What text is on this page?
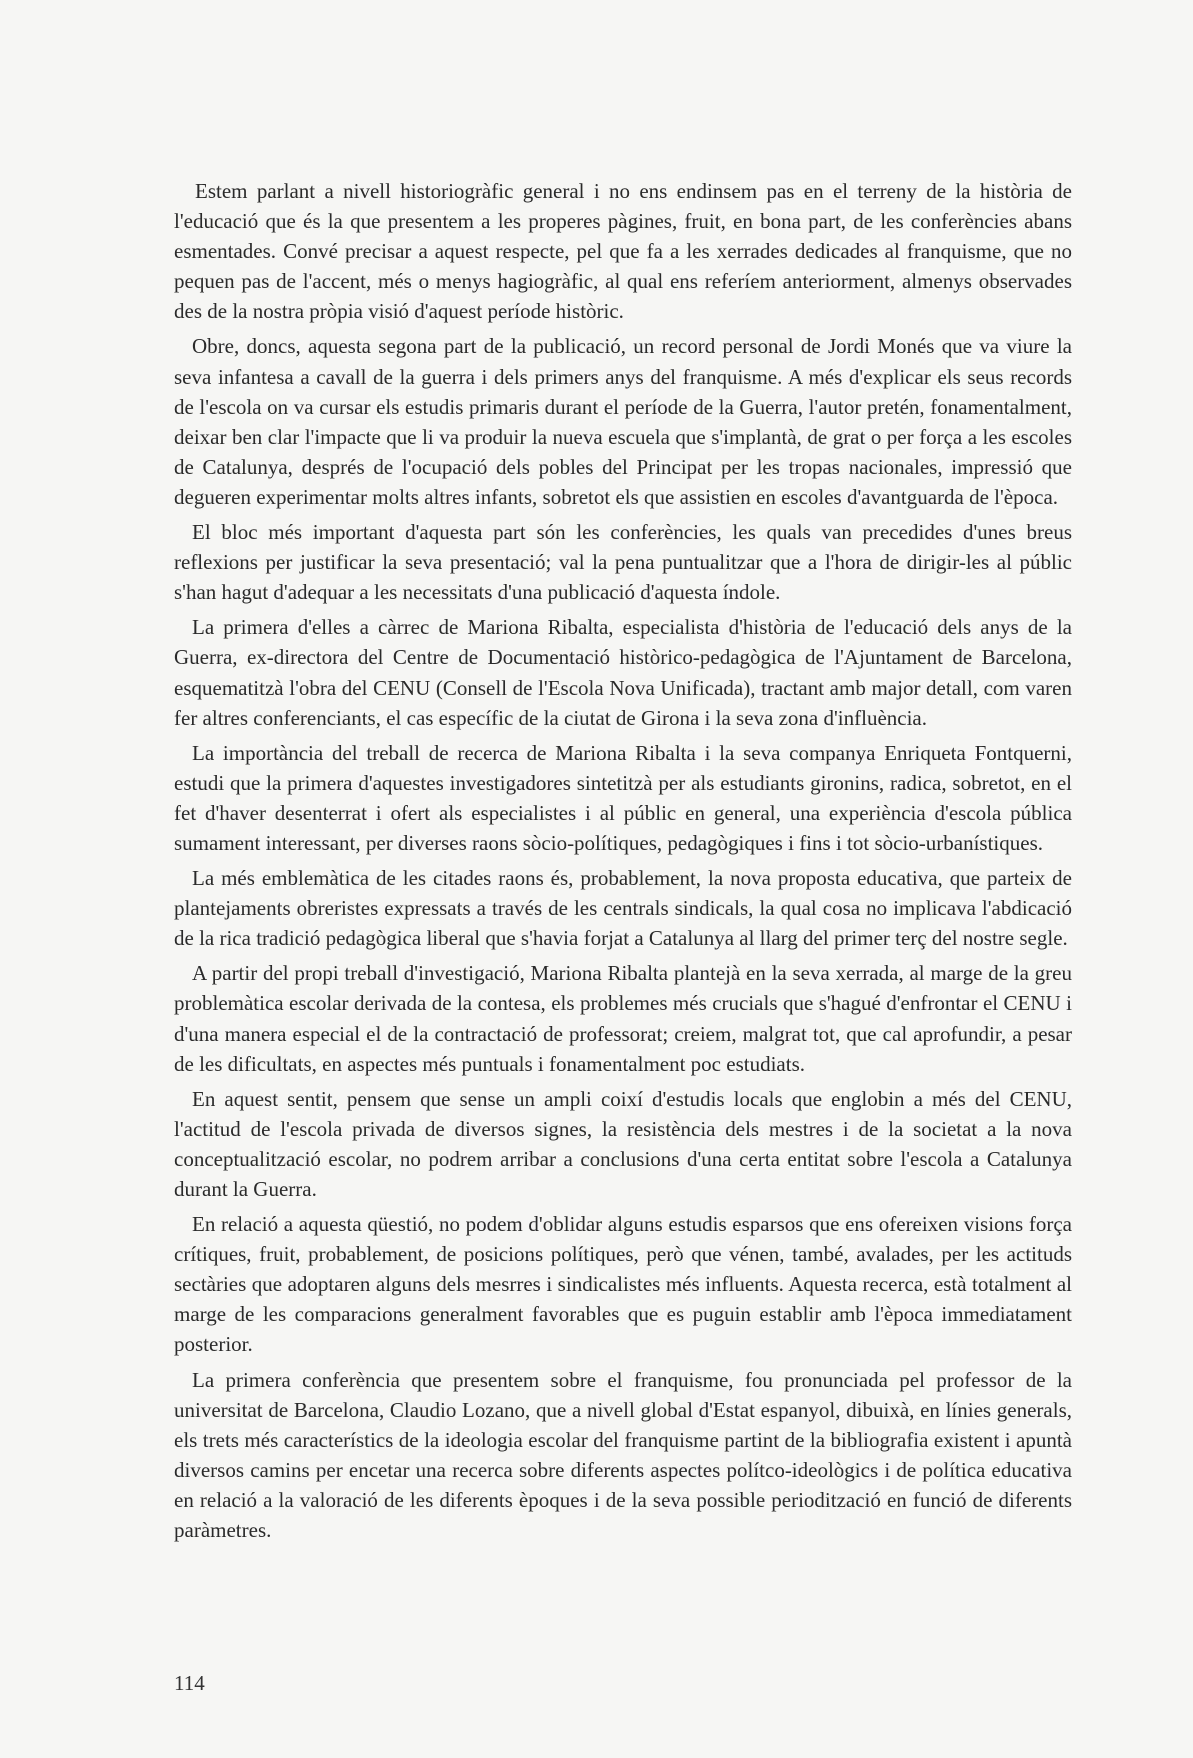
Estem parlant a nivell historiogràfic general i no ens endinsem pas en el terreny de la història de l'educació que és la que presentem a les properes pàgines, fruit, en bona part, de les conferències abans esmentades. Convé precisar a aquest respecte, pel que fa a les xerrades dedicades al franquisme, que no pequen pas de l'accent, més o menys hagiogràfic, al qual ens referíem anteriorment, almenys observades des de la nostra pròpia visió d'aquest període històric.

Obre, doncs, aquesta segona part de la publicació, un record personal de Jordi Monés que va viure la seva infantesa a cavall de la guerra i dels primers anys del franquisme. A més d'explicar els seus records de l'escola on va cursar els estudis primaris durant el període de la Guerra, l'autor pretén, fonamentalment, deixar ben clar l'impacte que li va produir la nueva escuela que s'implantà, de grat o per força a les escoles de Catalunya, després de l'ocupació dels pobles del Principat per les tropas nacionales, impressió que degueren experimentar molts altres infants, sobretot els que assistien en escoles d'avantguarda de l'època.

El bloc més important d'aquesta part són les conferències, les quals van precedides d'unes breus reflexions per justificar la seva presentació; val la pena puntualitzar que a l'hora de dirigir-les al públic s'han hagut d'adequar a les necessitats d'una publicació d'aquesta índole.

La primera d'elles a càrrec de Mariona Ribalta, especialista d'història de l'educació dels anys de la Guerra, ex-directora del Centre de Documentació històrico-pedagògica de l'Ajuntament de Barcelona, esquematitzà l'obra del CENU (Consell de l'Escola Nova Unificada), tractant amb major detall, com varen fer altres conferenciants, el cas específic de la ciutat de Girona i la seva zona d'influència.

La importància del treball de recerca de Mariona Ribalta i la seva companya Enriqueta Fontquerni, estudi que la primera d'aquestes investigadores sintetitzà per als estudiants gironins, radica, sobretot, en el fet d'haver desenterrat i ofert als especialistes i al públic en general, una experiència d'escola pública sumament interessant, per diverses raons sòcio-polítiques, pedagògiques i fins i tot sòcio-urbanístiques.

La més emblemàtica de les citades raons és, probablement, la nova proposta educativa, que parteix de plantejaments obreristes expressats a través de les centrals sindicals, la qual cosa no implicava l'abdicació de la rica tradició pedagògica liberal que s'havia forjat a Catalunya al llarg del primer terç del nostre segle.

A partir del propi treball d'investigació, Mariona Ribalta plantejà en la seva xerrada, al marge de la greu problemàtica escolar derivada de la contesa, els problemes més crucials que s'hagué d'enfrontar el CENU i d'una manera especial el de la contractació de professorat; creiem, malgrat tot, que cal aprofundir, a pesar de les dificultats, en aspectes més puntuals i fonamentalment poc estudiats.

En aquest sentit, pensem que sense un ampli coixí d'estudis locals que englobin a més del CENU, l'actitud de l'escola privada de diversos signes, la resistència dels mestres i de la societat a la nova conceptualització escolar, no podrem arribar a conclusions d'una certa entitat sobre l'escola a Catalunya durant la Guerra.

En relació a aquesta qüestió, no podem d'oblidar alguns estudis esparsos que ens ofereixen visions força crítiques, fruit, probablement, de posicions polítiques, però que vénen, també, avalades, per les actituds sectàries que adoptaren alguns dels mesrres i sindicalistes més influents. Aquesta recerca, està totalment al marge de les comparacions generalment favorables que es puguin establir amb l'època immediatament posterior.

La primera conferència que presentem sobre el franquisme, fou pronunciada pel professor de la universitat de Barcelona, Claudio Lozano, que a nivell global d'Estat espanyol, dibuixà, en línies generals, els trets més característics de la ideologia escolar del franquisme partint de la bibliografia existent i apuntà diversos camins per encetar una recerca sobre diferents aspectes polítco-ideològics i de política educativa en relació a la valoració de les diferents èpoques i de la seva possible periodització en funció de diferents paràmetres.

114
